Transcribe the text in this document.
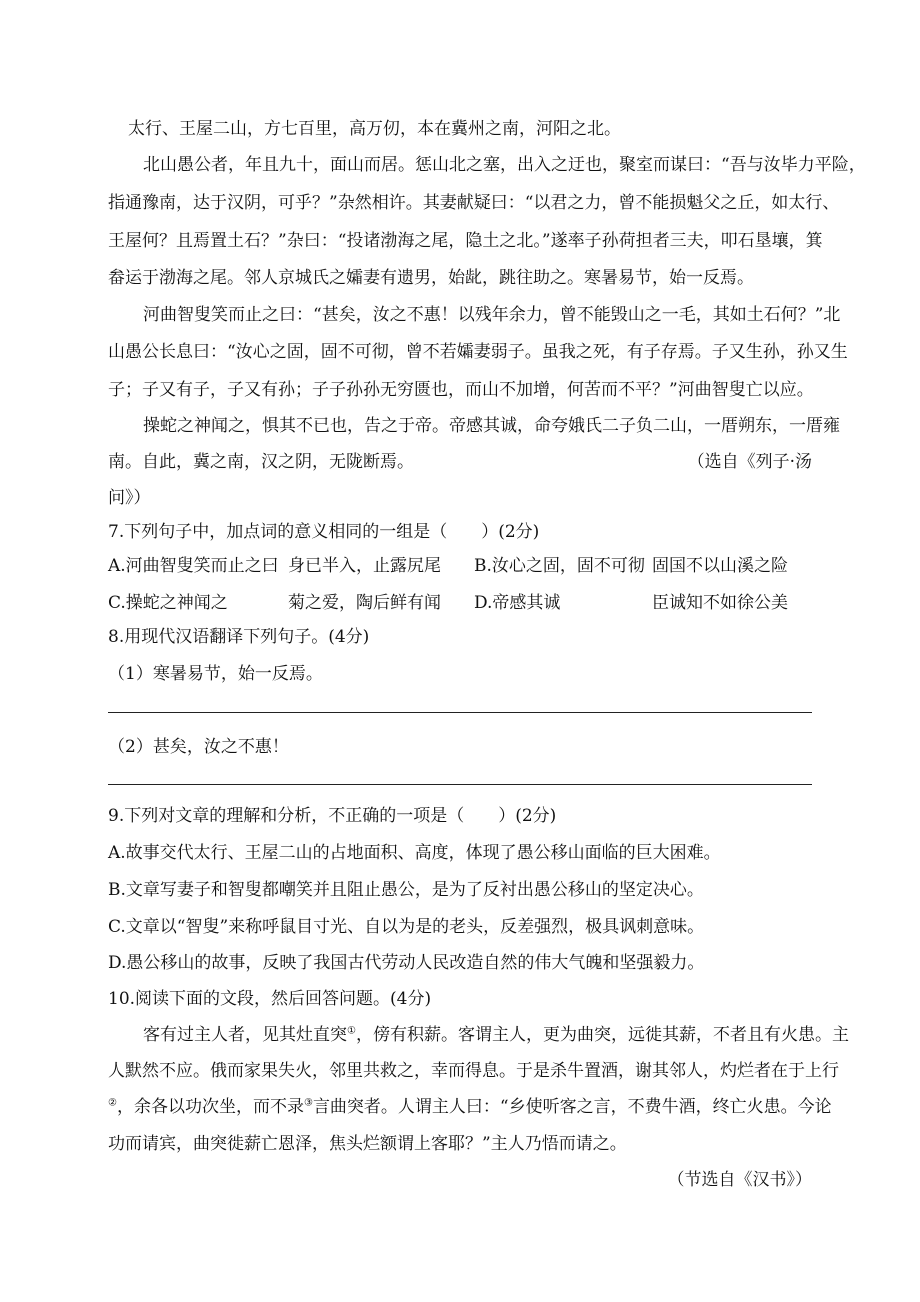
太行、王屋二山，方七百里，高万仞，本在冀州之南，河阳之北。
北山愚公者，年且九十，面山而居。惩山北之塞，出入之迂也，聚室而谋曰：“吾与汝毕力平险，
指通豫南，达于汉阴，可乎？”杂然相许。其妻献疑曰：“以君之力，曾不能损魁父之丘，如太行、
王屋何？且焉置土石？”杂曰：“投诸渤海之尾，隐土之北。”遂率子孙荷担者三夫，叩石垦壤，箕
畚运于渤海之尾。邻人京城氏之孀妻有遗男，始龀，跳往助之。寒暑易节，始一反焉。
河曲智叟笑而止之曰：“甚矣，汝之不惠！以残年余力，曾不能毁山之一毛，其如土石何？”北
山愚公长息曰：“汝心之固，固不可彻，曾不若孀妻弱子。虽我之死，有子存焉。子又生孙，孙又生
子；子又有子，子又有孙；子子孙孙无穷匮也，而山不加增，何苦而不平？”河曲智叟亡以应。
操蛇之神闻之，惧其不已也，告之于帝。帝感其诚，命夸娥氏二子负二山，一厝朔东，一厝雍
南。自此，冀之南，汉之阴，无陇断焉。	（选自《列子·汤
问》）
7.下列句子中，加点词的意义相同的一组是（　　）(2分)
A.河曲智叟笑而止之曰 身已半入，止露尻尾 B.汝心之固，固不可彻 固国不以山溪之险
C.操蛇之神闻之	菊之爱，陶后鲜有闻 D.帝感其诚	臣诚知不如徐公美
8.用现代汉语翻译下列句子。(4分)
（1）寒暑易节，始一反焉。
（2）甚矣，汝之不惠！
9.下列对文章的理解和分析，不正确的一项是（　　）(2分)
A.故事交代太行、王屋二山的占地面积、高度，体现了愚公移山面临的巨大困难。
B.文章写妻子和智叟都嘲笑并且阻止愚公，是为了反衬出愚公移山的坚定决心。
C.文章以“智叟”来称呼鼠目寸光、自以为是的老头，反差强烈，极具讽刺意味。
D.愚公移山的故事，反映了我国古代劳动人民改造自然的伟大气魄和坚强毅力。
10.阅读下面的文段，然后回答问题。(4分)
客有过主人者，见其灶直突①，傍有积薪。客谓主人，更为曲突，远徙其薪，不者且有火患。主
人默然不应。俄而家果失火，邻里共救之，幸而得息。于是杀牛置酒，谢其邻人，灼烂者在于上行
②，余各以功次坐，而不录③言曲突者。人谓主人曰：“乡使听客之言，不费牛酒，终亡火患。今论
功而请宾，曲突徙薪亡恩泽，焦头烂额谓上客耶？”主人乃悟而请之。
（节选自《汉书》）
